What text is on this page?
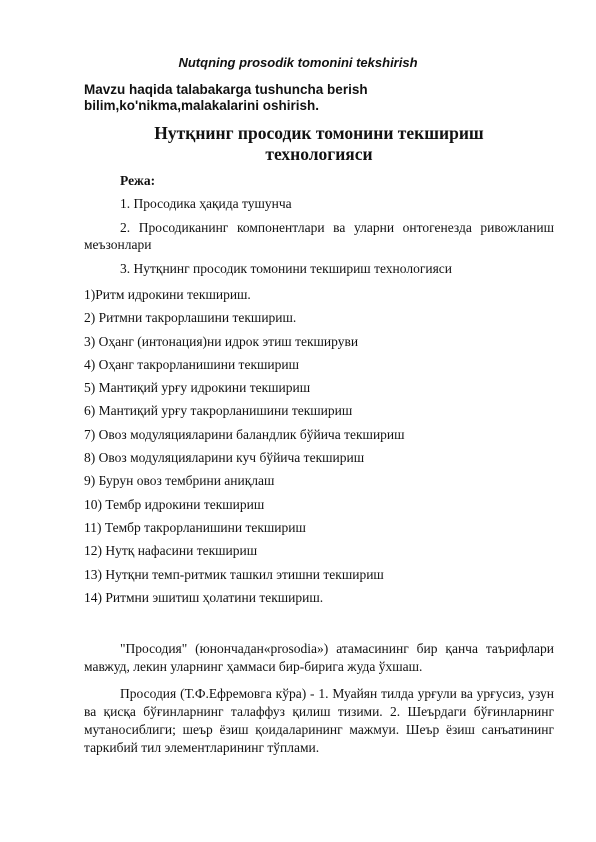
Nutqning prosodik tomonini tekshirish
Mavzu haqida talabakarga tushuncha berish
bilim,ko'nikma,malakalarini oshirish.
Нутқнинг просодик томонини текшириш
технологияси
Режа:
1. Просодика ҳақида тушунча
2. Просодиканинг компонентлари ва уларни онтогенезда ривожланиш меъзонлари
3. Нутқнинг просодик томонини текшириш технологияси
1)Ритм идрокини текшириш.
2) Ритмни такрорлашини текшириш.
3) Оҳанг (интонация)ни идрок этиш текшируви
4) Оҳанг такрорланишини текшириш
5) Мантиқий урғу идрокини текшириш
6) Мантиқий урғу такрорланишини текшириш
7) Овоз модуляцияларини баландлик бўйича текшириш
8) Овоз модуляцияларини куч бўйича текшириш
9) Бурун овоз тембрини аниқлаш
10) Тембр идрокини текшириш
11) Тембр такрорланишини текшириш
12) Нутқ нафасини текшириш
13) Нутқни темп-ритмик ташкил этишни текшириш
14) Ритмни эшитиш ҳолатини текшириш.

"Просодия" (юнончадан«prosodia») атамасининг бир қанча таърифлари мавжуд, лекин уларнинг ҳаммаси бир-бирига жуда ўхшаш.

Просодия (Т.Ф.Ефремовга кўра) - 1. Муайян тилда урғули ва урғусиз, узун ва қисқа бўғинларнинг талаффуз қилиш тизими. 2. Шеърдаги бўғинларнинг мутаносиблиги; шеър ёзиш қоидаларининг мажмуи. Шеър ёзиш санъатининг таркибий тил элементларининг тўплами.
